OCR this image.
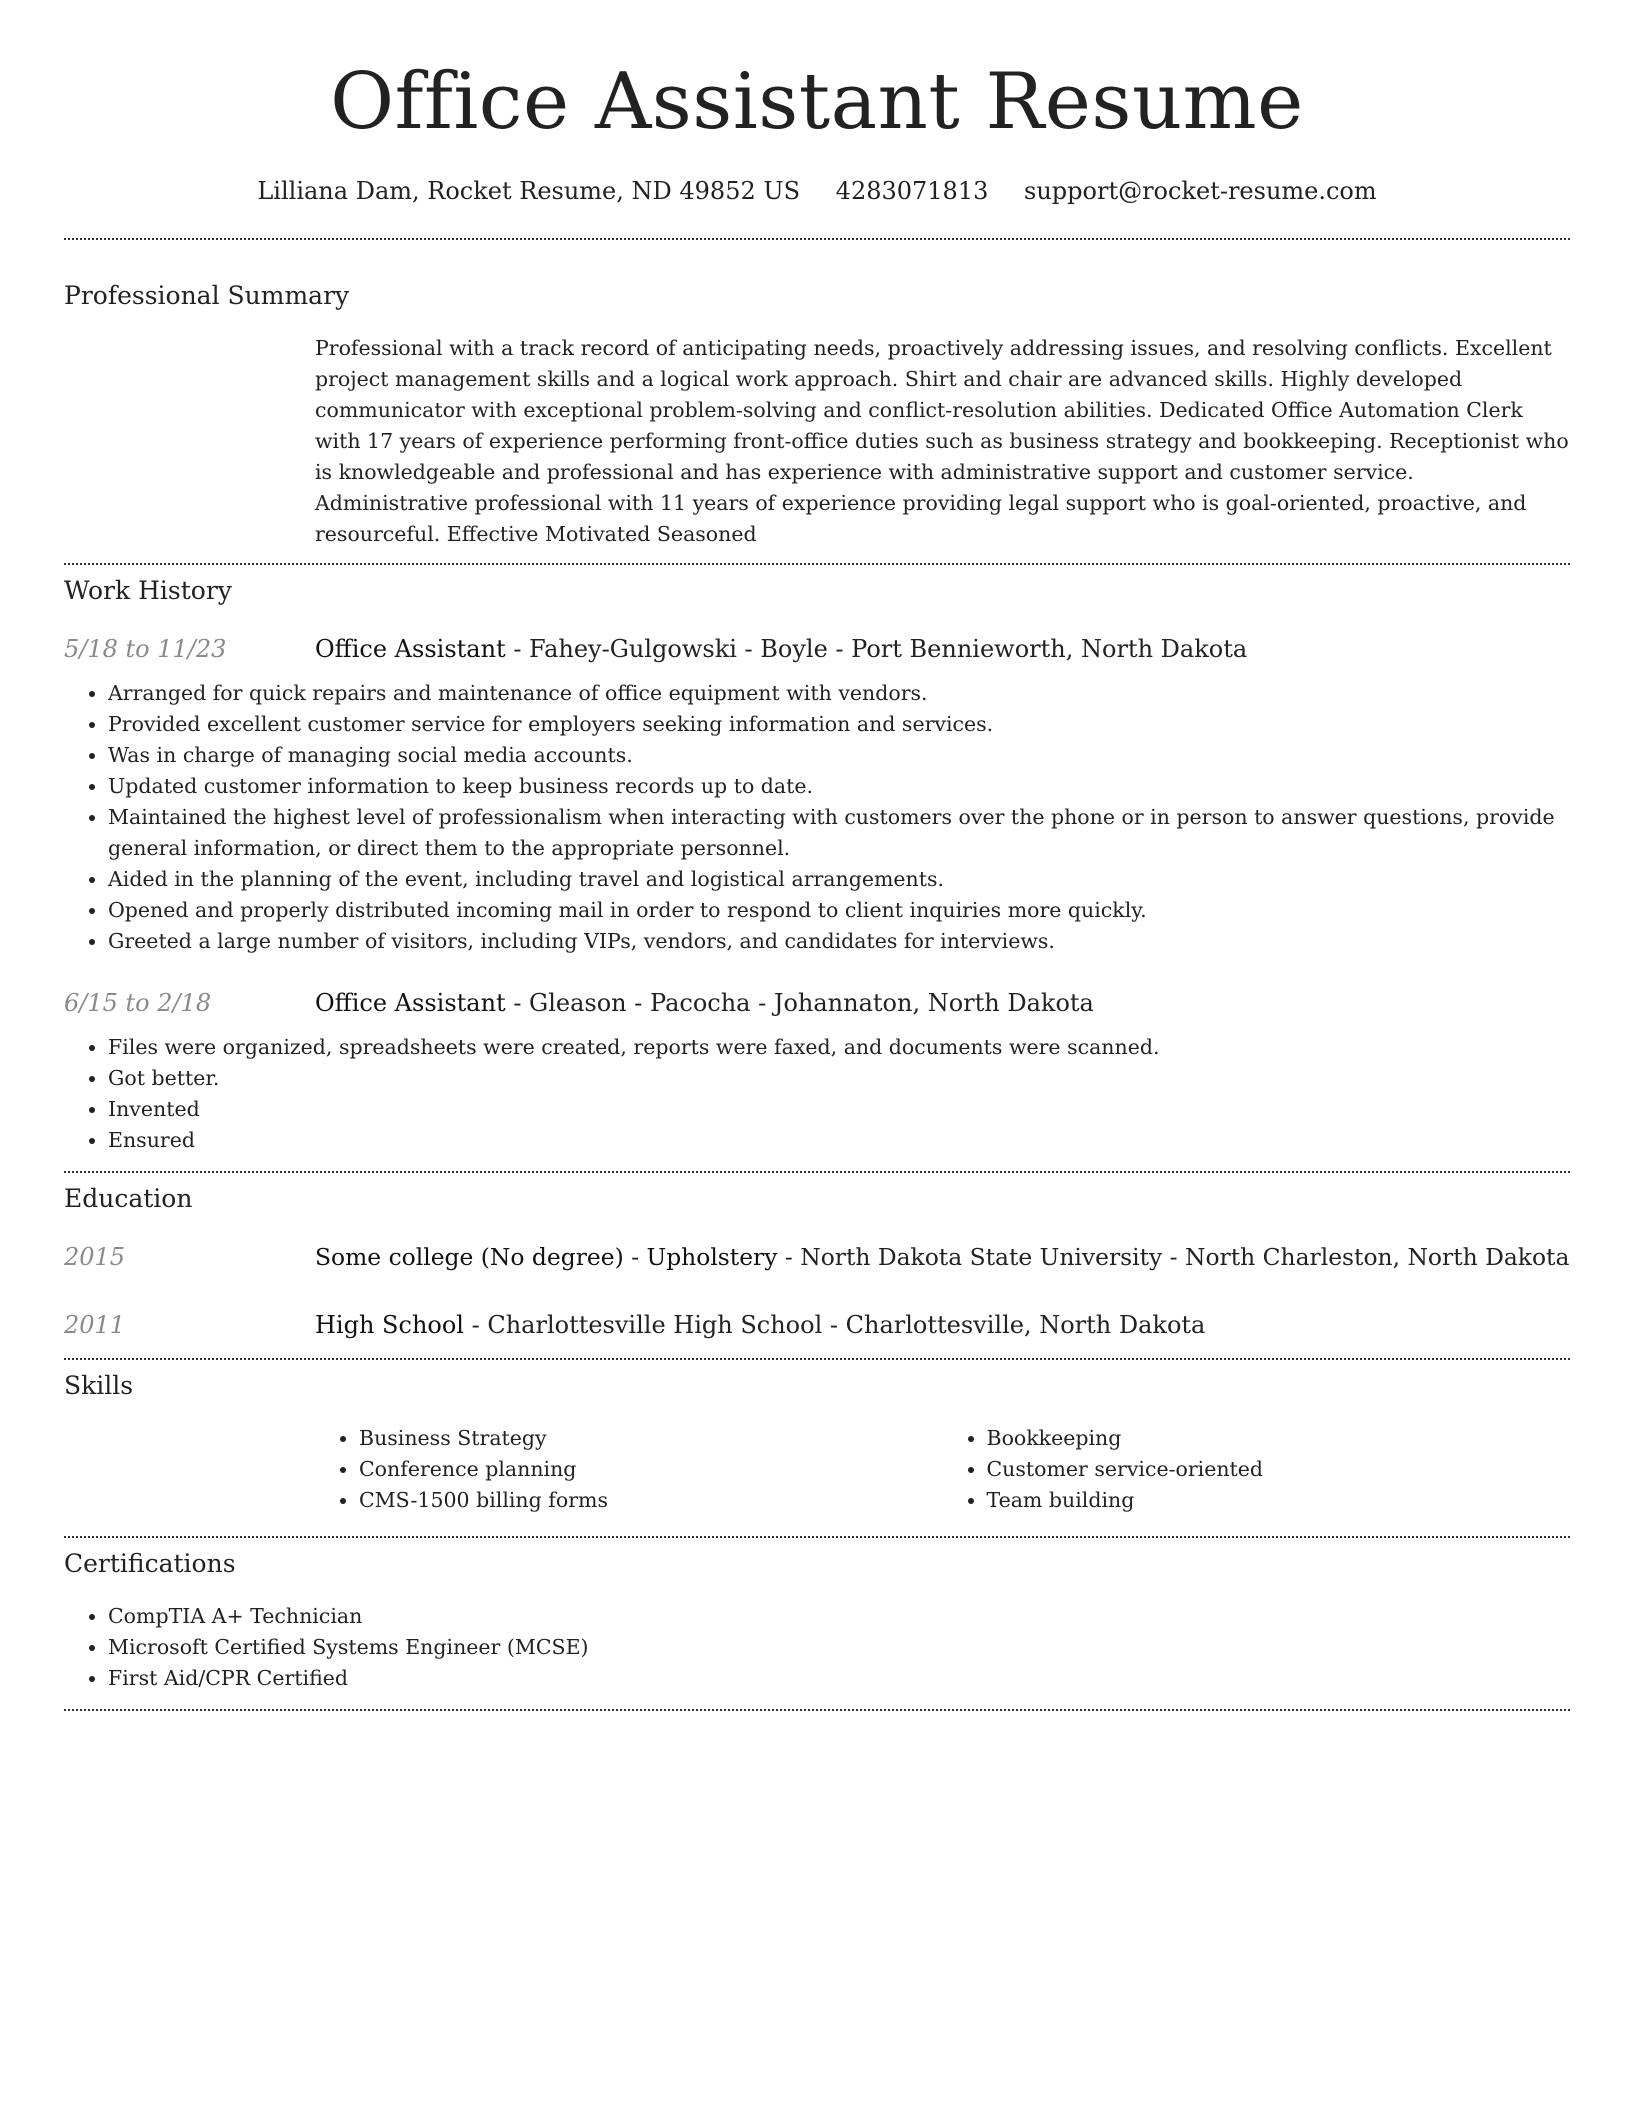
Office Assistant Resume
Lilliana Dam, Rocket Resume, ND 49852 US 4283071813 support@rocket-resume.com
Professional Summary
Professional with a track record of anticipating needs, proactively addressing issues, and resolving conflicts. Excellent project management skills and a logical work approach. Shirt and chair are advanced skills. Highly developed communicator with exceptional problem-solving and conflict-resolution abilities. Dedicated Office Automation Clerk with 17 years of experience performing front-office duties such as business strategy and bookkeeping. Receptionist who is knowledgeable and professional and has experience with administrative support and customer service. Administrative professional with 11 years of experience providing legal support who is goal-oriented, proactive, and resourceful. Effective Motivated Seasoned
Work History
5/18 to 11/23	Office Assistant - Fahey-Gulgowski - Boyle - Port Bennieworth, North Dakota
• Arranged for quick repairs and maintenance of office equipment with vendors.
• Provided excellent customer service for employers seeking information and services.
• Was in charge of managing social media accounts.
• Updated customer information to keep business records up to date.
• Maintained the highest level of professionalism when interacting with customers over the phone or in person to answer questions, provide general information, or direct them to the appropriate personnel.
• Aided in the planning of the event, including travel and logistical arrangements.
• Opened and properly distributed incoming mail in order to respond to client inquiries more quickly.
• Greeted a large number of visitors, including VIPs, vendors, and candidates for interviews.
6/15 to 2/18	Office Assistant - Gleason - Pacocha - Johannaton, North Dakota
• Files were organized, spreadsheets were created, reports were faxed, and documents were scanned.
• Got better.
• Invented
• Ensured
Education
2015	Some college (No degree) - Upholstery - North Dakota State University - North Charleston, North Dakota
2011	High School - Charlottesville High School - Charlottesville, North Dakota
Skills
• Business Strategy
• Conference planning
• CMS-1500 billing forms
• Bookkeeping
• Customer service-oriented
• Team building
Certifications
• CompTIA A+ Technician
• Microsoft Certified Systems Engineer (MCSE)
• First Aid/CPR Certified
